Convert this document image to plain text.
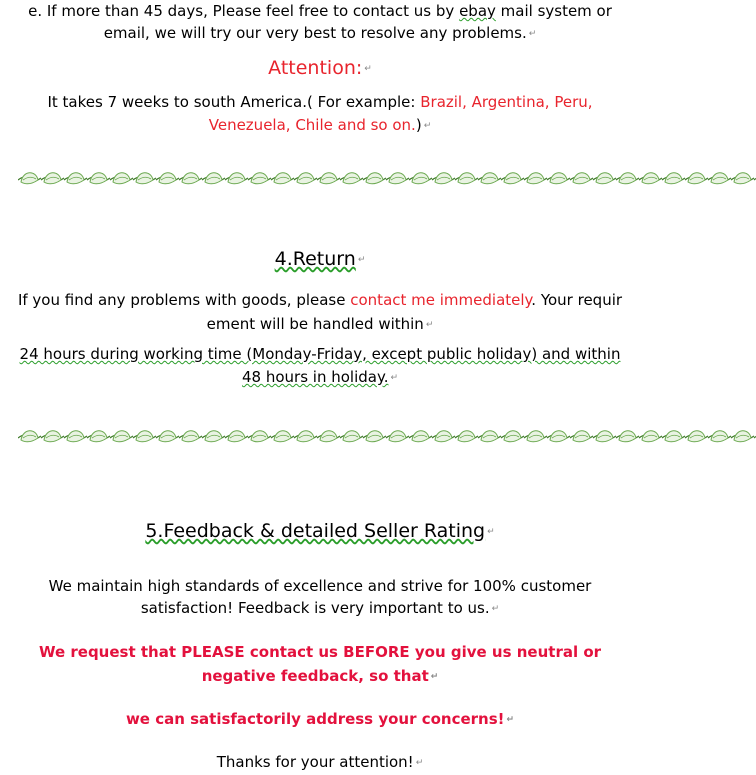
e. If more than 45 days, Please feel free to contact us by ebay mail system or
email, we will try our very best to resolve any problems. ↵
Attention: ↵
It takes 7 weeks to south America.( For example: Brazil, Argentina, Peru,
Venezuela, Chile and so on.) ↵
4.Return ↵
If you find any problems with goods, please contact me immediately. Your requir
ement will be handled within ↵
24 hours during working time (Monday-Friday, except public holiday) and within
48 hours in holiday. ↵
5.Feedback & detailed Seller Rating ↵
We maintain high standards of excellence and strive for 100% customer
satisfaction! Feedback is very important to us. ↵
We request that PLEASE contact us BEFORE you give us neutral or
negative feedback, so that ↵
we can satisfactorily address your concerns! ↵
Thanks for your attention! ↵
